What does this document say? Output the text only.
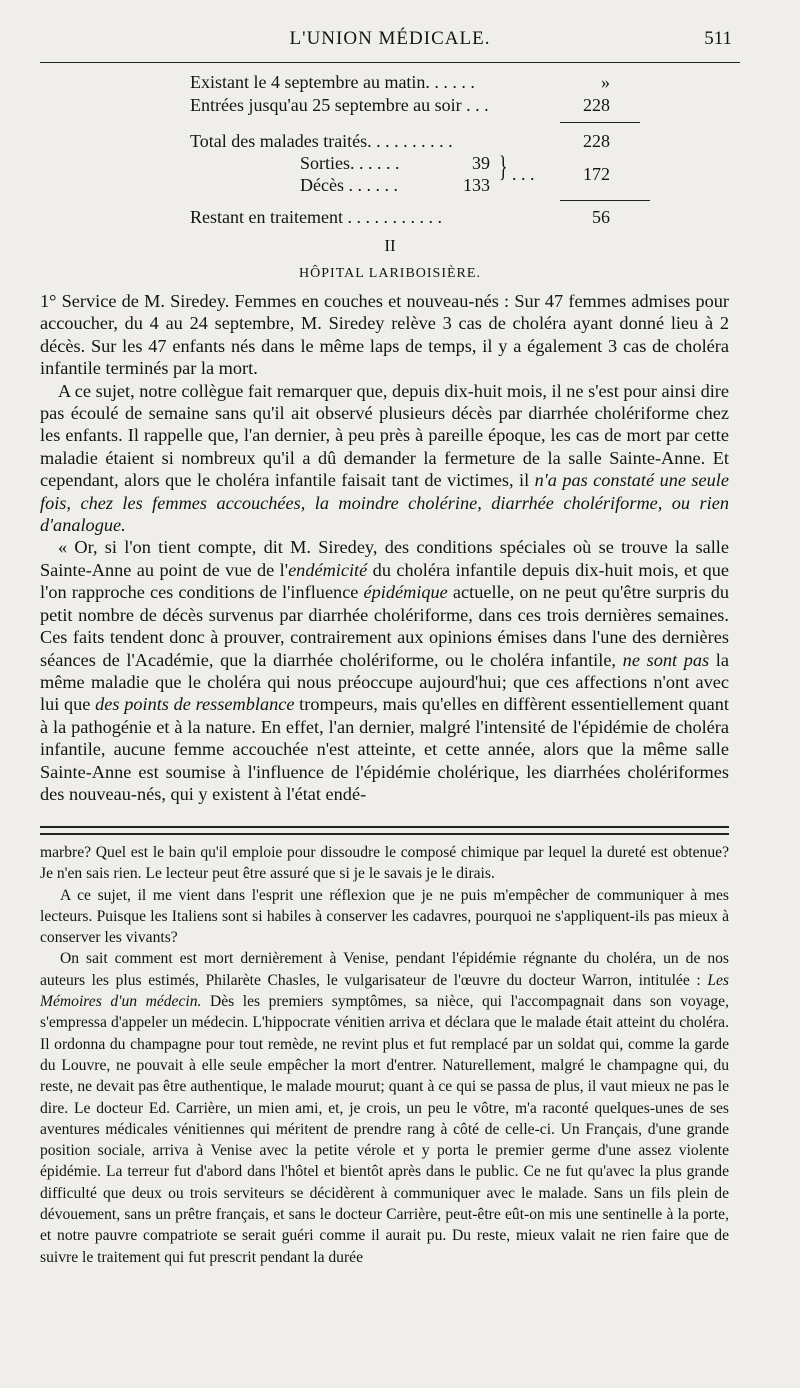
L'UNION MÉDICALE.	511
Existant le 4 septembre au matin. . . . . .	»
Entrées jusqu'au 25 septembre au soir . . .	228
Total des malades traités. . . . . . . . . .	228
Sorties. . . . . .	39
Décès . . . . . .	133
} . . .	172
Restant en traitement . . . . . . . . . . .	56
II
HÔPITAL LARIBOISIÈRE.

1° Service de M. Siredey. Femmes en couches et nouveau-nés : Sur 47 femmes admises pour accoucher, du 4 au 24 septembre, M. Siredey relève 3 cas de choléra ayant donné lieu à 2 décès. Sur les 47 enfants nés dans le même laps de temps, il y a également 3 cas de choléra infantile terminés par la mort.

A ce sujet, notre collègue fait remarquer que, depuis dix-huit mois, il ne s'est pour ainsi dire pas écoulé de semaine sans qu'il ait observé plusieurs décès par diarrhée cholériforme chez les enfants. Il rappelle que, l'an dernier, à peu près à pareille époque, les cas de mort par cette maladie étaient si nombreux qu'il a dû demander la fermeture de la salle Sainte-Anne. Et cependant, alors que le choléra infantile faisait tant de victimes, il n'a pas constaté une seule fois, chez les femmes accouchées, la moindre cholérine, diarrhée cholériforme, ou rien d'analogue.

« Or, si l'on tient compte, dit M. Siredey, des conditions spéciales où se trouve la salle Sainte-Anne au point de vue de l'endémicité du choléra infantile depuis dix-huit mois, et que l'on rapproche ces conditions de l'influence épidémique actuelle, on ne peut qu'être surpris du petit nombre de décès survenus par diarrhée cholériforme, dans ces trois dernières semaines. Ces faits tendent donc à prouver, contrairement aux opinions émises dans l'une des dernières séances de l'Académie, que la diarrhée cholériforme, ou le choléra infantile, ne sont pas la même maladie que le choléra qui nous préoccupe aujourd'hui; que ces affections n'ont avec lui que des points de ressemblance trompeurs, mais qu'elles en diffèrent essentiellement quant à la pathogénie et à la nature. En effet, l'an dernier, malgré l'intensité de l'épidémie de choléra infantile, aucune femme accouchée n'est atteinte, et cette année, alors que la même salle Sainte-Anne est soumise à l'influence de l'épidémie cholérique, les diarrhées cholériformes des nouveau-nés, qui y existent à l'état endé-

marbre? Quel est le bain qu'il emploie pour dissoudre le composé chimique par lequel la dureté est obtenue? Je n'en sais rien. Le lecteur peut être assuré que si je le savais je le dirais.

A ce sujet, il me vient dans l'esprit une réflexion que je ne puis m'empêcher de communiquer à mes lecteurs. Puisque les Italiens sont si habiles à conserver les cadavres, pourquoi ne s'appliquent-ils pas mieux à conserver les vivants?

On sait comment est mort dernièrement à Venise, pendant l'épidémie régnante du choléra, un de nos auteurs les plus estimés, Philarète Chasles, le vulgarisateur de l'œuvre du docteur Warron, intitulée : Les Mémoires d'un médecin. Dès les premiers symptômes, sa nièce, qui l'accompagnait dans son voyage, s'empressa d'appeler un médecin. L'hippocrate vénitien arriva et déclara que le malade était atteint du choléra. Il ordonna du champagne pour tout remède, ne revint plus et fut remplacé par un soldat qui, comme la garde du Louvre, ne pouvait à elle seule empêcher la mort d'entrer. Naturellement, malgré le champagne qui, du reste, ne devait pas être authentique, le malade mourut; quant à ce qui se passa de plus, il vaut mieux ne pas le dire. Le docteur Ed. Carrière, un mien ami, et, je crois, un peu le vôtre, m'a raconté quelques-unes de ses aventures médicales vénitiennes qui méritent de prendre rang à côté de celle-ci. Un Français, d'une grande position sociale, arriva à Venise avec la petite vérole et y porta le premier germe d'une assez violente épidémie. La terreur fut d'abord dans l'hôtel et bientôt après dans le public. Ce ne fut qu'avec la plus grande difficulté que deux ou trois serviteurs se décidèrent à communiquer avec le malade. Sans un fils plein de dévouement, sans un prêtre français, et sans le docteur Carrière, peut-être eût-on mis une sentinelle à la porte, et notre pauvre compatriote se serait guéri comme il aurait pu. Du reste, mieux valait ne rien faire que de suivre le traitement qui fut prescrit pendant la durée
